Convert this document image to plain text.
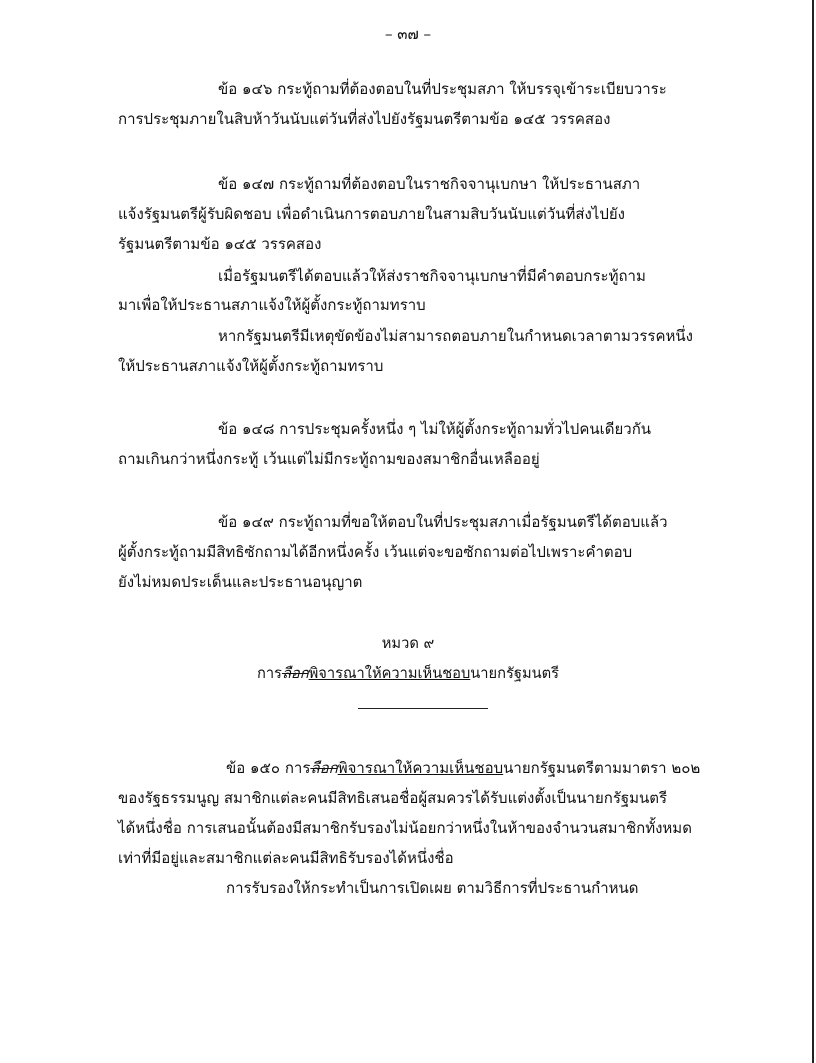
– ๓๗ –
ข้อ ๑๔๖ กระทู้ถามที่ต้องตอบในที่ประชุมสภา ให้บรรจุเข้าระเบียบวาระ
การประชุมภายในสิบห้าวันนับแต่วันที่ส่งไปยังรัฐมนตรีตามข้อ ๑๔๕ วรรคสอง
ข้อ ๑๔๗ กระทู้ถามที่ต้องตอบในราชกิจจานุเบกษา ให้ประธานสภา
แจ้งรัฐมนตรีผู้รับผิดชอบ เพื่อดำเนินการตอบภายในสามสิบวันนับแต่วันที่ส่งไปยัง
รัฐมนตรีตามข้อ ๑๔๕ วรรคสอง
เมื่อรัฐมนตรีได้ตอบแล้วให้ส่งราชกิจจานุเบกษาที่มีคำตอบกระทู้ถาม
มาเพื่อให้ประธานสภาแจ้งให้ผู้ตั้งกระทู้ถามทราบ
หากรัฐมนตรีมีเหตุขัดข้องไม่สามารถตอบภายในกำหนดเวลาตามวรรคหนึ่ง
ให้ประธานสภาแจ้งให้ผู้ตั้งกระทู้ถามทราบ
ข้อ ๑๔๘ การประชุมครั้งหนึ่ง ๆ ไม่ให้ผู้ตั้งกระทู้ถามทั่วไปคนเดียวกัน
ถามเกินกว่าหนึ่งกระทู้ เว้นแต่ไม่มีกระทู้ถามของสมาชิกอื่นเหลืออยู่
ข้อ ๑๔๙ กระทู้ถามที่ขอให้ตอบในที่ประชุมสภาเมื่อรัฐมนตรีได้ตอบแล้ว
ผู้ตั้งกระทู้ถามมีสิทธิซักถามได้อีกหนึ่งครั้ง เว้นแต่จะขอซักถามต่อไปเพราะคำตอบ
ยังไม่หมดประเด็นและประธานอนุญาต
หมวด ๙
การลือกพิจารณาให้ความเห็นชอบนายกรัฐมนตรี
ข้อ ๑๕๐ การลือกพิจารณาให้ความเห็นชอบนายกรัฐมนตรีตามมาตรา ๒๐๒
ของรัฐธรรมนูญ สมาชิกแต่ละคนมีสิทธิเสนอชื่อผู้สมควรได้รับแต่งตั้งเป็นนายกรัฐมนตรี
ได้หนึ่งชื่อ การเสนอนั้นต้องมีสมาชิกรับรองไม่น้อยกว่าหนึ่งในห้าของจำนวนสมาชิกทั้งหมด
เท่าที่มีอยู่และสมาชิกแต่ละคนมีสิทธิรับรองได้หนึ่งชื่อ
การรับรองให้กระทำเป็นการเปิดเผย ตามวิธีการที่ประธานกำหนด
